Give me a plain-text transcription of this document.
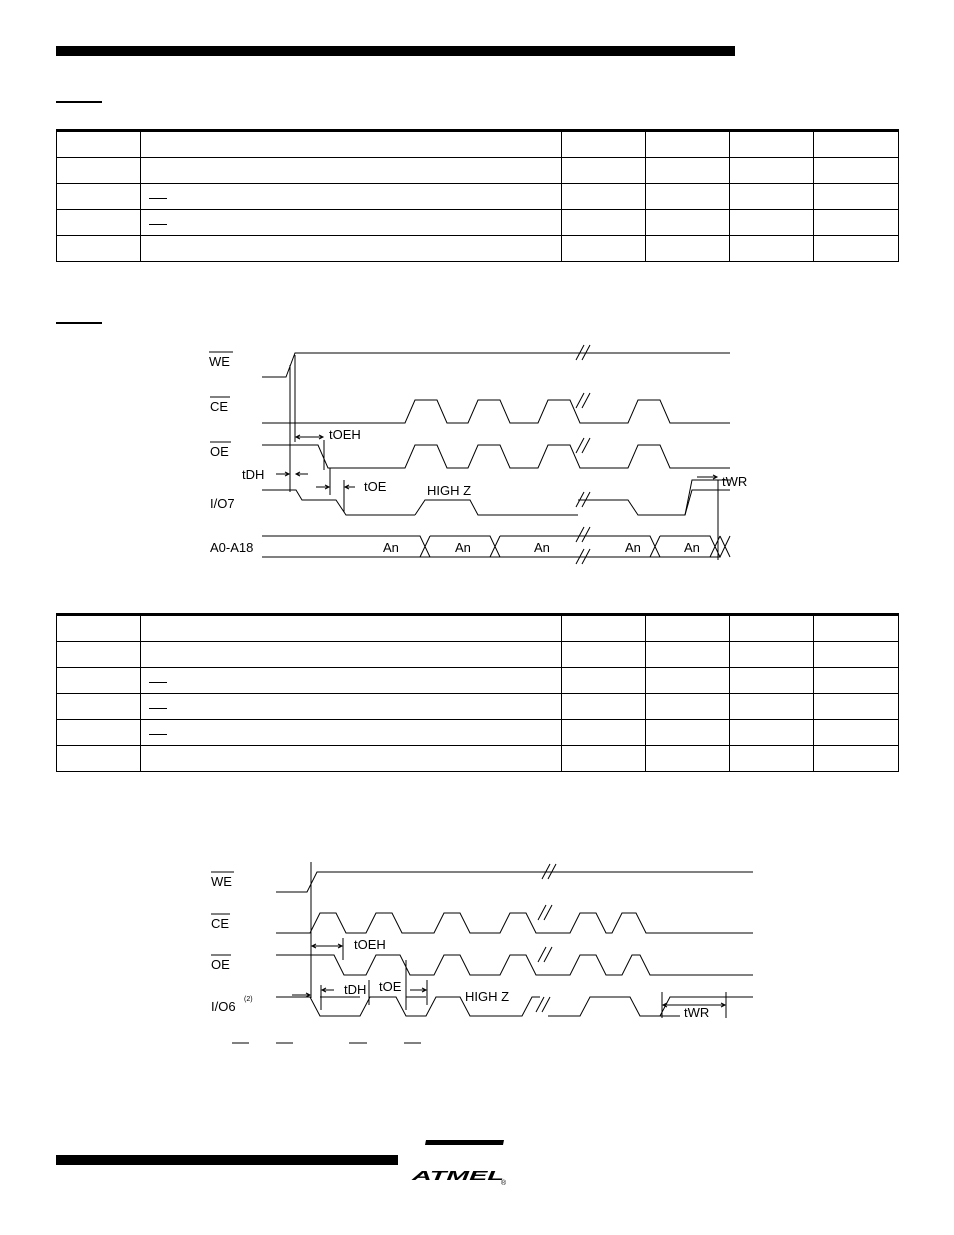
WE
CE
OE
I/O7
A0-A18
tOEH
tDH
tOE	HIGH Z
tWR
An	An	An	An	An

WE
CE
OE
I/O6 (2)
tOEH
tDH tOE
HIGH Z
tWR
ATMEL
®
